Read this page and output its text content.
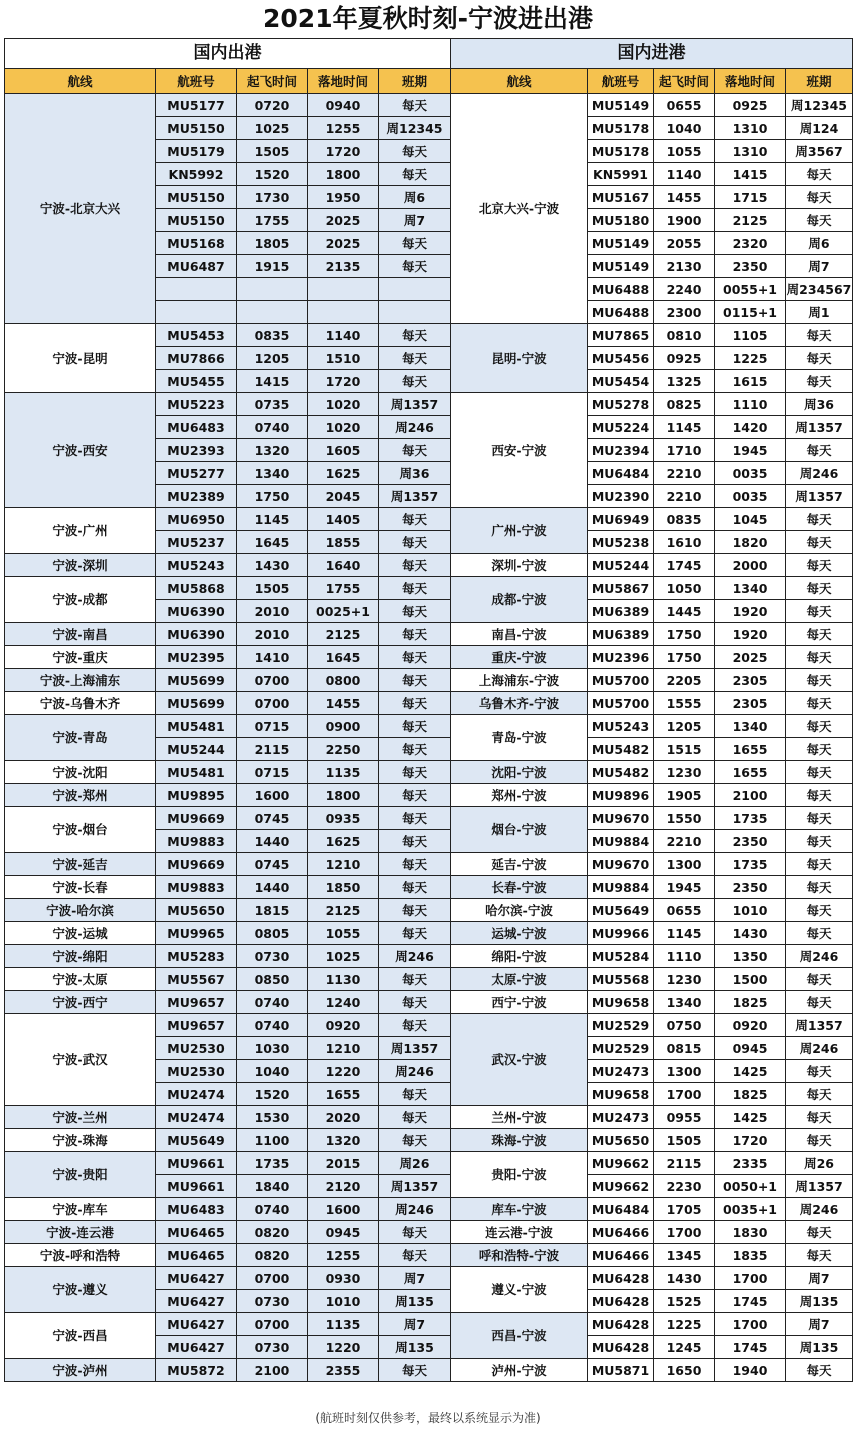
2021年夏秋时刻-宁波进出港
国内出港					国内进港				
航线	航班号	起飞时间	落地时间	班期	航线	航班号	起飞时间	落地时间	班期
宁波-北京大兴	MU5177	0720	0940	每天	北京大兴-宁波	MU5149	0655	0925	周12345
	MU5150	1025	1255	周12345		MU5178	1040	1310	周124
	MU5179	1505	1720	每天		MU5178	1055	1310	周3567
	KN5992	1520	1800	每天		KN5991	1140	1415	每天
	MU5150	1730	1950	周6		MU5167	1455	1715	每天
	MU5150	1755	2025	周7		MU5180	1900	2125	每天
	MU5168	1805	2025	每天		MU5149	2055	2320	周6
	MU6487	1915	2135	每天		MU5149	2130	2350	周7
						MU6488	2240	0055+1	周234567
						MU6488	2300	0115+1	周1
宁波-昆明	MU5453	0835	1140	每天	昆明-宁波	MU7865	0810	1105	每天
	MU7866	1205	1510	每天		MU5456	0925	1225	每天
	MU5455	1415	1720	每天		MU5454	1325	1615	每天
宁波-西安	MU5223	0735	1020	周1357	西安-宁波	MU5278	0825	1110	周36
	MU6483	0740	1020	周246		MU5224	1145	1420	周1357
	MU2393	1320	1605	每天		MU2394	1710	1945	每天
	MU5277	1340	1625	周36		MU6484	2210	0035	周246
	MU2389	1750	2045	周1357		MU2390	2210	0035	周1357
宁波-广州	MU6950	1145	1405	每天	广州-宁波	MU6949	0835	1045	每天
	MU5237	1645	1855	每天		MU5238	1610	1820	每天
宁波-深圳	MU5243	1430	1640	每天	深圳-宁波	MU5244	1745	2000	每天
宁波-成都	MU5868	1505	1755	每天	成都-宁波	MU5867	1050	1340	每天
	MU6390	2010	0025+1	每天		MU6389	1445	1920	每天
宁波-南昌	MU6390	2010	2125	每天	南昌-宁波	MU6389	1750	1920	每天
宁波-重庆	MU2395	1410	1645	每天	重庆-宁波	MU2396	1750	2025	每天
宁波-上海浦东	MU5699	0700	0800	每天	上海浦东-宁波	MU5700	2205	2305	每天
宁波-乌鲁木齐	MU5699	0700	1455	每天	乌鲁木齐-宁波	MU5700	1555	2305	每天
宁波-青岛	MU5481	0715	0900	每天	青岛-宁波	MU5243	1205	1340	每天
	MU5244	2115	2250	每天		MU5482	1515	1655	每天
宁波-沈阳	MU5481	0715	1135	每天	沈阳-宁波	MU5482	1230	1655	每天
宁波-郑州	MU9895	1600	1800	每天	郑州-宁波	MU9896	1905	2100	每天
宁波-烟台	MU9669	0745	0935	每天	烟台-宁波	MU9670	1550	1735	每天
	MU9883	1440	1625	每天		MU9884	2210	2350	每天
宁波-延吉	MU9669	0745	1210	每天	延吉-宁波	MU9670	1300	1735	每天
宁波-长春	MU9883	1440	1850	每天	长春-宁波	MU9884	1945	2350	每天
宁波-哈尔滨	MU5650	1815	2125	每天	哈尔滨-宁波	MU5649	0655	1010	每天
宁波-运城	MU9965	0805	1055	每天	运城-宁波	MU9966	1145	1430	每天
宁波-绵阳	MU5283	0730	1025	周246	绵阳-宁波	MU5284	1110	1350	周246
宁波-太原	MU5567	0850	1130	每天	太原-宁波	MU5568	1230	1500	每天
宁波-西宁	MU9657	0740	1240	每天	西宁-宁波	MU9658	1340	1825	每天
宁波-武汉	MU9657	0740	0920	每天	武汉-宁波	MU2529	0750	0920	周1357
	MU2530	1030	1210	周1357		MU2529	0815	0945	周246
	MU2530	1040	1220	周246		MU2473	1300	1425	每天
	MU2474	1520	1655	每天		MU9658	1700	1825	每天
宁波-兰州	MU2474	1530	2020	每天	兰州-宁波	MU2473	0955	1425	每天
宁波-珠海	MU5649	1100	1320	每天	珠海-宁波	MU5650	1505	1720	每天
宁波-贵阳	MU9661	1735	2015	周26	贵阳-宁波	MU9662	2115	2335	周26
	MU9661	1840	2120	周1357		MU9662	2230	0050+1	周1357
宁波-库车	MU6483	0740	1600	周246	库车-宁波	MU6484	1705	0035+1	周246
宁波-连云港	MU6465	0820	0945	每天	连云港-宁波	MU6466	1700	1830	每天
宁波-呼和浩特	MU6465	0820	1255	每天	呼和浩特-宁波	MU6466	1345	1835	每天
宁波-遵义	MU6427	0700	0930	周7	遵义-宁波	MU6428	1430	1700	周7
	MU6427	0730	1010	周135		MU6428	1525	1745	周135
宁波-西昌	MU6427	0700	1135	周7	西昌-宁波	MU6428	1225	1700	周7
	MU6427	0730	1220	周135		MU6428	1245	1745	周135
宁波-泸州	MU5872	2100	2355	每天	泸州-宁波	MU5871	1650	1940	每天
(航班时刻仅供参考，最终以系统显示为准)
